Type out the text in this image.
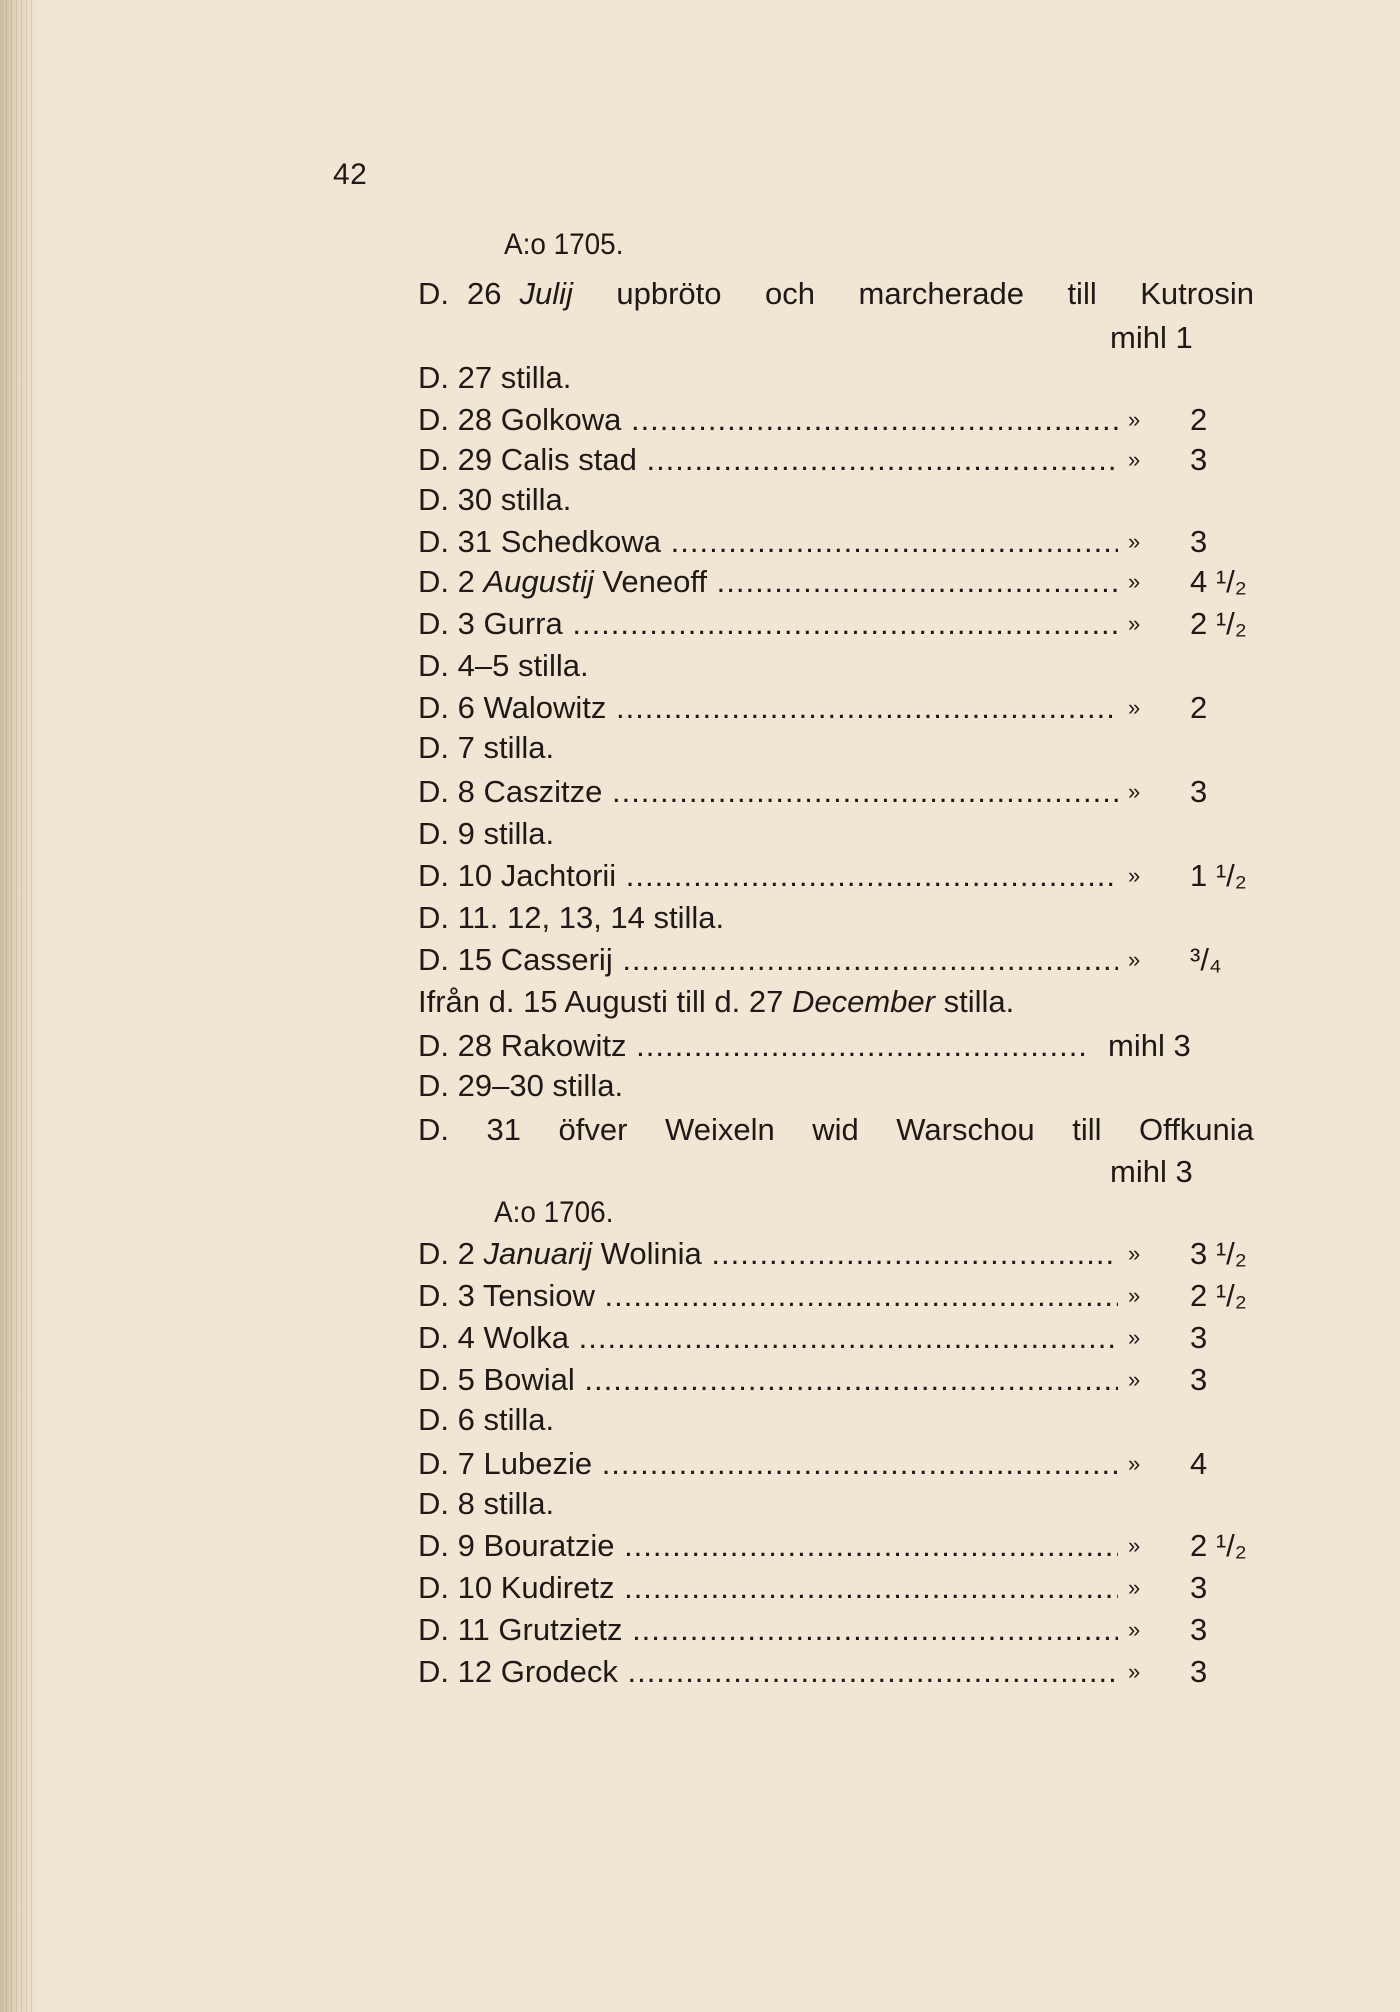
42
A:o 1705.
D. 26 Julij upbröto och marcherade till Kutrosin
mihl 1
D. 27 stilla.
D. 28 Golkowa .....	» 2
D. 29 Calis stad .....	» 3
D. 30 stilla.
D. 31 Schedkowa .....	» 3
D. 2 Augustij Veneoff .....	» 4 ¹/₂
D. 3 Gurra .....	» 2 ¹/₂
D. 4–5 stilla.
D. 6 Walowitz .....	» 2
D. 7 stilla.
D. 8 Caszitze .....	» 3
D. 9 stilla.
D. 10 Jachtorii .....	» 1 ¹/₂
D. 11. 12, 13, 14 stilla.
D. 15 Casserij .....	» ³/₄
Ifrån d. 15 Augusti till d. 27 December stilla.
D. 28 Rakowitz .....	mihl 3
D. 29–30 stilla.
D. 31 öfver Weixeln wid Warschou till Offkunia
mihl 3
A:o 1706.
D. 2 Januarij Wolinia .....	» 3 ¹/₂
D. 3 Tensiow .....	» 2 ¹/₂
D. 4 Wolka .....	» 3
D. 5 Bowial .....	» 3
D. 6 stilla.
D. 7 Lubezie .....	» 4
D. 8 stilla.
D. 9 Bouratzie .....	» 2 ¹/₂
D. 10 Kudiretz .....	» 3
D. 11 Grutzietz .....	» 3
D. 12 Grodeck .....	» 3
